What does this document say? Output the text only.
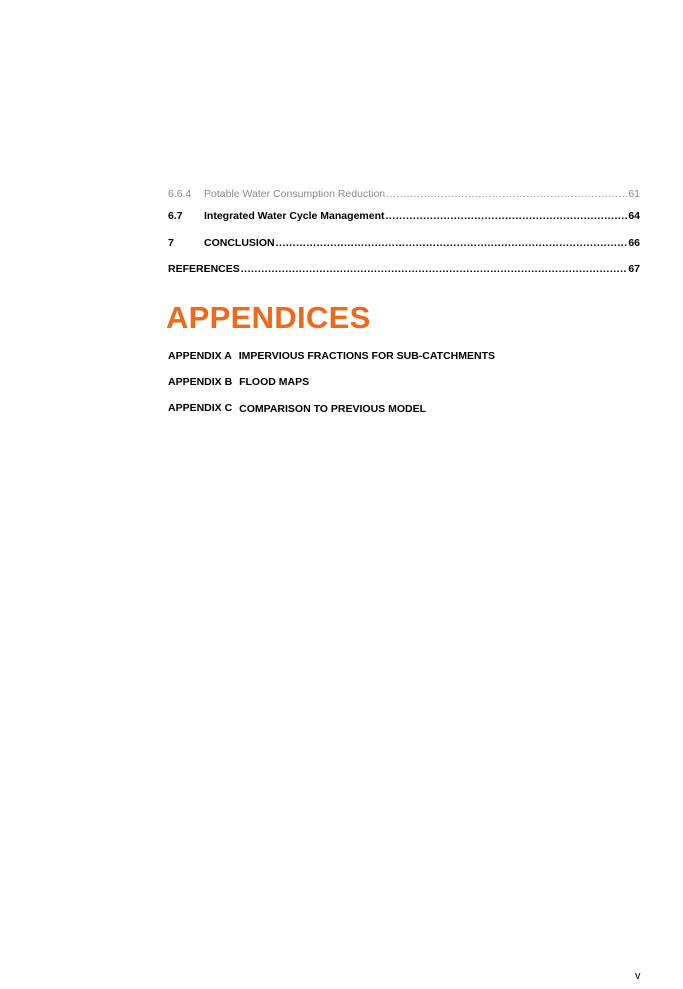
6.6.4	Potable Water Consumption Reduction .....	61
6.7	Integrated Water Cycle Management .....	64
7	CONCLUSION .....	66
REFERENCES .....	67
APPENDICES
APPENDIX A IMPERVIOUS FRACTIONS FOR SUB-CATCHMENTS
APPENDIX B FLOOD MAPS
APPENDIX C COMPARISON TO PREVIOUS MODEL
v
